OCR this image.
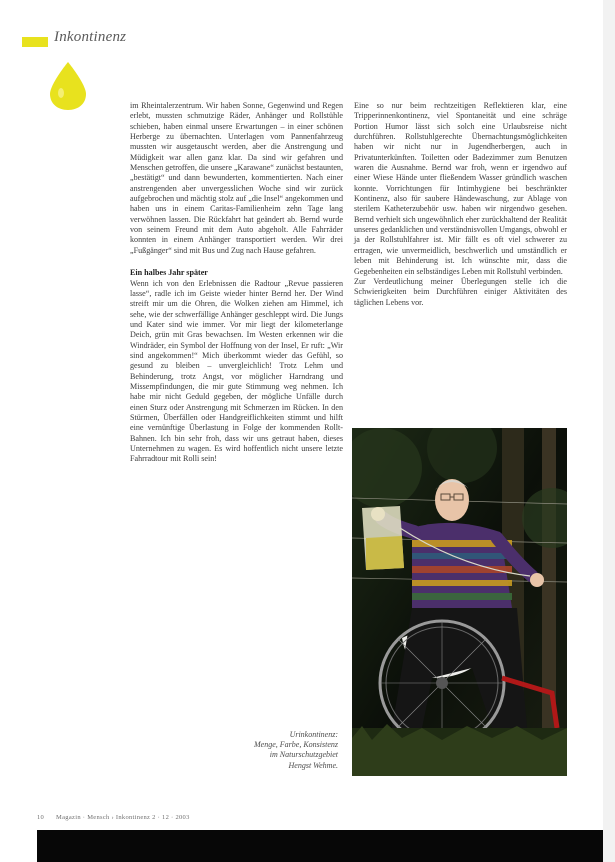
Inkontinenz

im Rheintalerzentrum. Wir haben Sonne, Gegenwind und Regen erlebt, mussten schmutzige Räder, Anhänger und Rollstühle schieben, haben einmal unsere Erwartungen – in einer schönen Herberge zu übernachten. Unterlagen vom Pannenfahrzeug mussten wir ausgetauscht werden, aber die Anstrengung und Müdigkeit war allen ganz klar. Da sind wir gefahren und Menschen getroffen, die unsere „Karawane“ zunächst bestaunten, „bestätigt“ und dann bewunderten, kommentierten. Nach einer anstrengenden aber unvergesslichen Woche sind wir zurück aufgebrochen und mächtig stolz auf „die Insel“ angekommen und haben uns in einem Caritas-Familienheim zehn Tage lang verwöhnen lassen. Die Rückfahrt hat geändert ab. Bernd wurde von seinem Freund mit dem Auto abgeholt. Alle Fahrräder konnten in einem Anhänger transportiert werden. Wir drei „Fußgänger“ sind mit Bus und Zug nach Hause gefahren.

Ein halbes Jahr später

Wenn ich von den Erlebnissen die Radtour „Revue passieren lasse“, radle ich im Geiste wieder hinter Bernd her. Der Wind streift mir um die Ohren, die Wolken ziehen am Himmel, ich sehe, wie der schwerfällige Anhänger geschleppt wird. Die Jungs und Kater sind wie immer. Vor mir liegt der kilometerlange Deich, grün mit Gras bewachsen. Im Westen erkennen wir die Windräder, ein Symbol der Hoffnung von der Insel, Er ruft: „Wir sind angekommen!“ Mich überkommt wieder das Gefühl, so gesund zu bleiben – unvergleichlich! Trotz Lehm und Behinderung, trotz Angst, vor möglicher Harndrang und Missempfindungen, die mir gute Stimmung weg nehmen. Ich habe mir nicht Geduld gegeben, der mögliche Unfälle durch einen Sturz oder Anstrengung mit Schmerzen im Rücken. In den Stürmen, Überfällen oder Handgreiflichkeiten stimmt und hilft eine vernünftige Überlastung in Folge der kommenden Rollt-Bahnen. Ich bin sehr froh, dass wir uns getraut haben, dieses Unternehmen zu wagen. Es wird hoffentlich nicht unsere letzte Fahrradtour mit Rolli sein!

Eine so nur beim rechtzeitigen Reflektieren klar, eine Tripperinnenkontinenz, viel Spontaneität und eine schräge Portion Humor lässt sich solch eine Urlaubsreise nicht durchführen. Rollstuhlgerechte Übernachtungsmöglichkeiten haben wir nicht nur in Jugendherbergen, auch in Privatunterkünften. Toiletten oder Badezimmer zum Benutzen waren die Ausnahme. Bernd war froh, wenn er irgendwo auf einer Wiese Hände unter fließendem Wasser gründlich waschen konnte. Vorrichtungen für Intimhygiene bei beschränkter Kontinenz, also für saubere Händewaschung, zur Ablage von sterilem Katheterzubehör usw. haben wir nirgendwo gesehen. Bernd verhielt sich ungewöhnlich eher zurückhaltend der Realität unseres gedanklichen und verständnisvollen Umgangs, obwohl er ja der Rollstuhlfahrer ist. Mir fällt es oft viel schwerer zu ertragen, wie unvermeidlich, beschwerlich und umständlich er leben mit Behinderung ist. Ich wünschte mir, dass die Gegebenheiten ein selbständiges Leben mit Rollstuhl verbinden.

Zur Verdeutlichung meiner Überlegungen stelle ich die Schwierigkeiten beim Durchführen einiger Aktivitäten des täglichen Lebens vor.

Urinkontinenz:
Menge, Farbe, Konsistenz
im Naturschutzgebiet
Hengst Wehme.
10 Magazin · Mensch › Inkontinenz 2 · 12 · 2003
